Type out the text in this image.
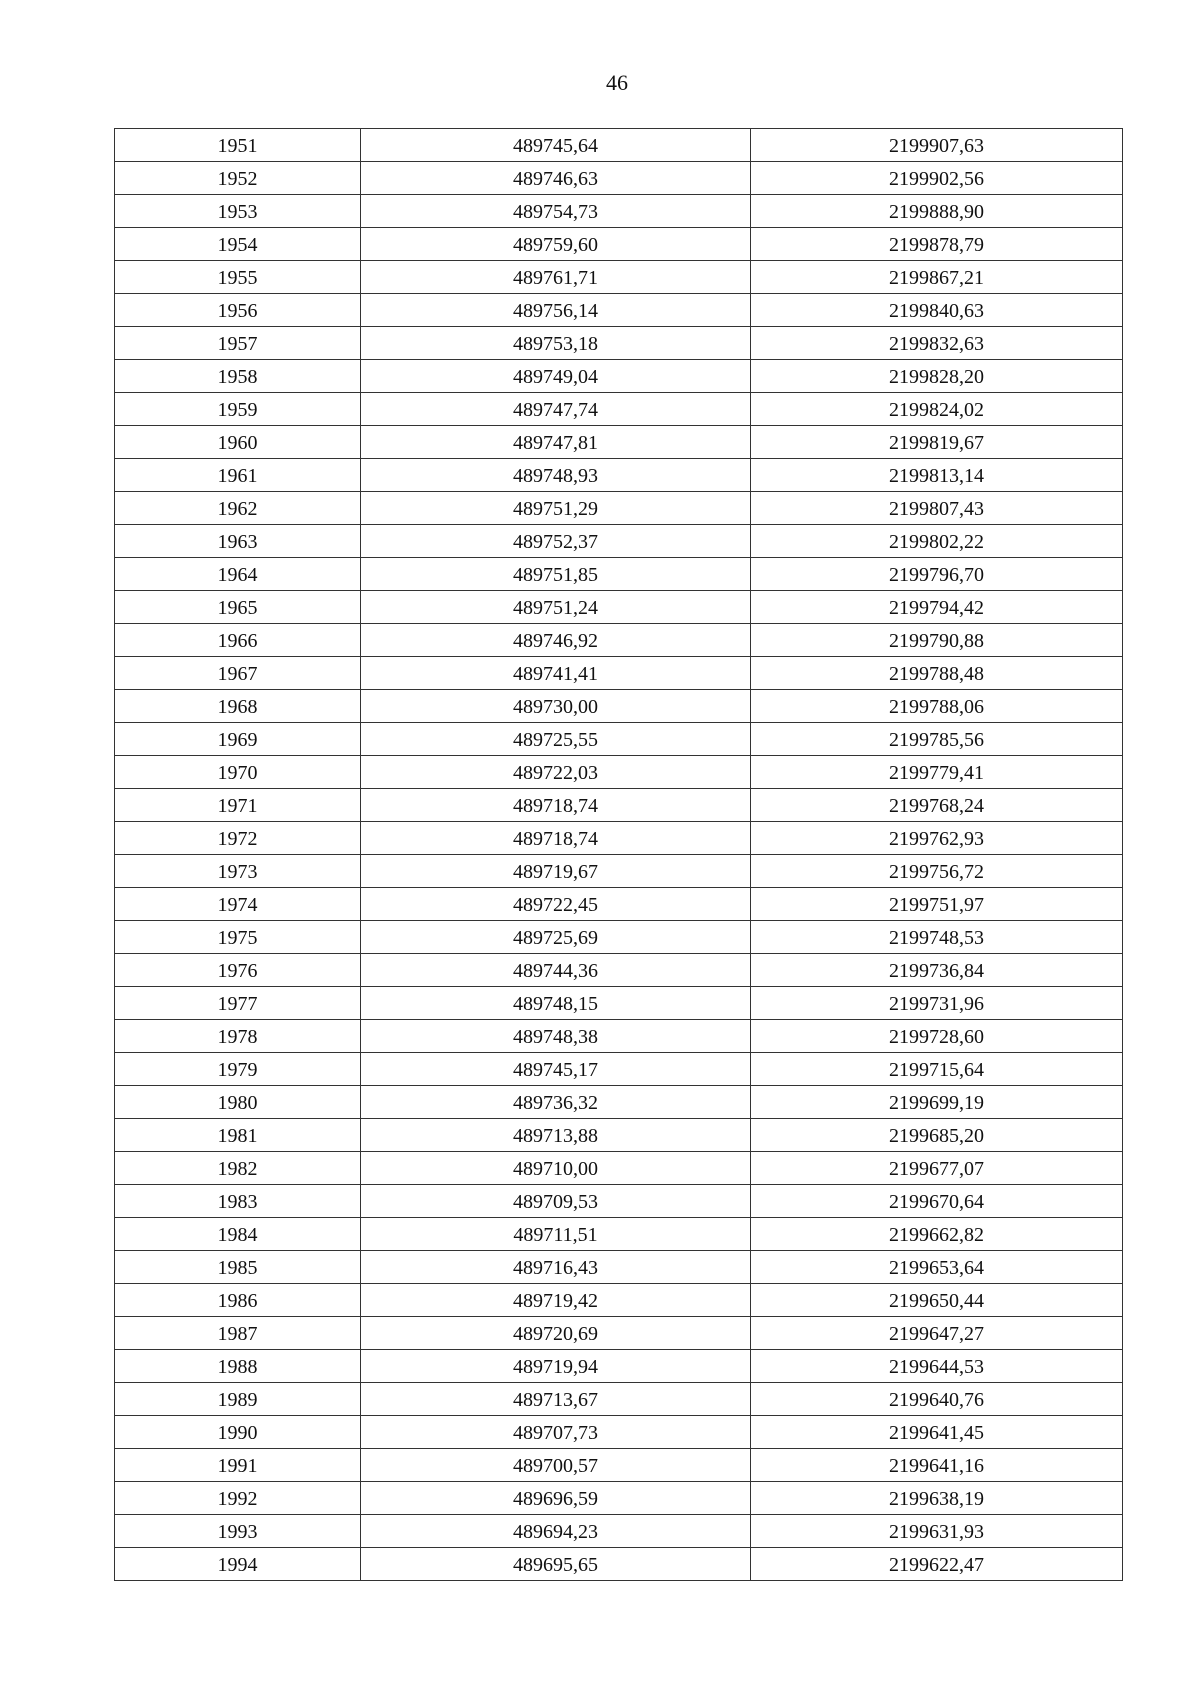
46
1951	489745,64	2199907,63
1952	489746,63	2199902,56
1953	489754,73	2199888,90
1954	489759,60	2199878,79
1955	489761,71	2199867,21
1956	489756,14	2199840,63
1957	489753,18	2199832,63
1958	489749,04	2199828,20
1959	489747,74	2199824,02
1960	489747,81	2199819,67
1961	489748,93	2199813,14
1962	489751,29	2199807,43
1963	489752,37	2199802,22
1964	489751,85	2199796,70
1965	489751,24	2199794,42
1966	489746,92	2199790,88
1967	489741,41	2199788,48
1968	489730,00	2199788,06
1969	489725,55	2199785,56
1970	489722,03	2199779,41
1971	489718,74	2199768,24
1972	489718,74	2199762,93
1973	489719,67	2199756,72
1974	489722,45	2199751,97
1975	489725,69	2199748,53
1976	489744,36	2199736,84
1977	489748,15	2199731,96
1978	489748,38	2199728,60
1979	489745,17	2199715,64
1980	489736,32	2199699,19
1981	489713,88	2199685,20
1982	489710,00	2199677,07
1983	489709,53	2199670,64
1984	489711,51	2199662,82
1985	489716,43	2199653,64
1986	489719,42	2199650,44
1987	489720,69	2199647,27
1988	489719,94	2199644,53
1989	489713,67	2199640,76
1990	489707,73	2199641,45
1991	489700,57	2199641,16
1992	489696,59	2199638,19
1993	489694,23	2199631,93
1994	489695,65	2199622,47
